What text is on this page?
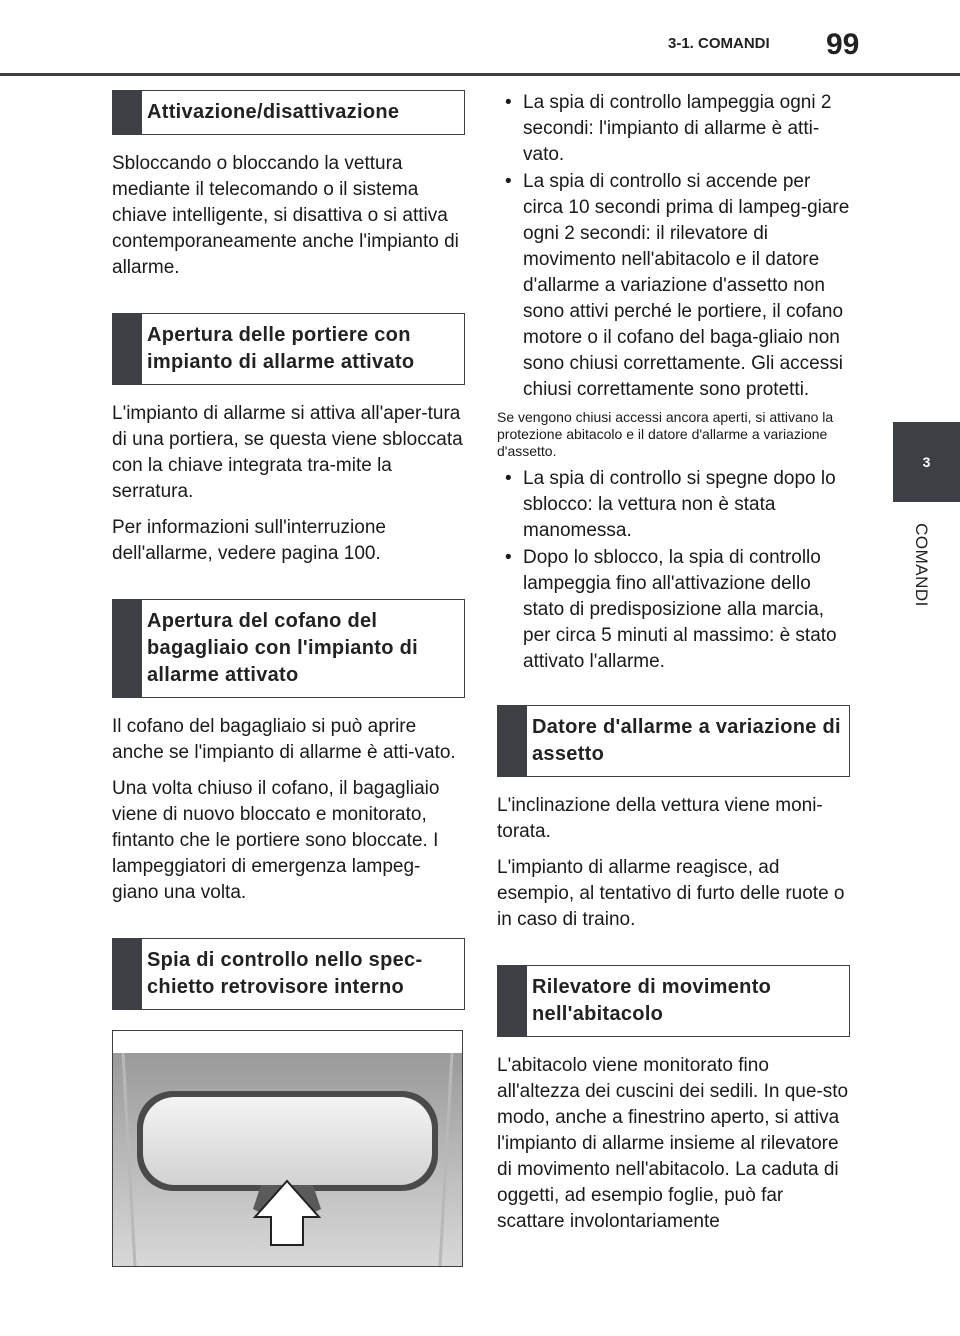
3-1. COMANDI 99
3
COMANDI
Attivazione/disattivazione

Sbloccando o bloccando la vettura mediante il telecomando o il sistema chiave intelligente, si disattiva o si attiva contemporaneamente anche l'impianto di allarme.

Apertura delle portiere con impianto di allarme attivato

L'impianto di allarme si attiva all'aper-tura di una portiera, se questa viene sbloccata con la chiave integrata tra-mite la serratura.

Per informazioni sull'interruzione dell'allarme, vedere pagina 100.

Apertura del cofano del bagagliaio con l'impianto di allarme attivato

Il cofano del bagagliaio si può aprire anche se l'impianto di allarme è atti-vato.

Una volta chiuso il cofano, il bagagliaio viene di nuovo bloccato e monitorato, fintanto che le portiere sono bloccate. I lampeggiatori di emergenza lampeg-giano una volta.

Spia di controllo nello spec-chietto retrovisore interno
• La spia di controllo lampeggia ogni 2 secondi: l'impianto di allarme è atti-vato.
• La spia di controllo si accende per circa 10 secondi prima di lampeg-giare ogni 2 secondi: il rilevatore di movimento nell'abitacolo e il datore d'allarme a variazione d'assetto non sono attivi perché le portiere, il cofano motore o il cofano del baga-gliaio non sono chiusi correttamente. Gli accessi chiusi correttamente sono protetti.

Se vengono chiusi accessi ancora aperti, si attivano la protezione abitacolo e il datore d'allarme a variazione d'assetto.

• La spia di controllo si spegne dopo lo sblocco: la vettura non è stata manomessa.
• Dopo lo sblocco, la spia di controllo lampeggia fino all'attivazione dello stato di predisposizione alla marcia, per circa 5 minuti al massimo: è stato attivato l'allarme.
Datore d'allarme a variazione di assetto

L'inclinazione della vettura viene moni-torata.

L'impianto di allarme reagisce, ad esempio, al tentativo di furto delle ruote o in caso di traino.

Rilevatore di movimento nell'abitacolo

L'abitacolo viene monitorato fino all'altezza dei cuscini dei sedili. In que-sto modo, anche a finestrino aperto, si attiva l'impianto di allarme insieme al rilevatore di movimento nell'abitacolo. La caduta di oggetti, ad esempio foglie, può far scattare involontariamente
